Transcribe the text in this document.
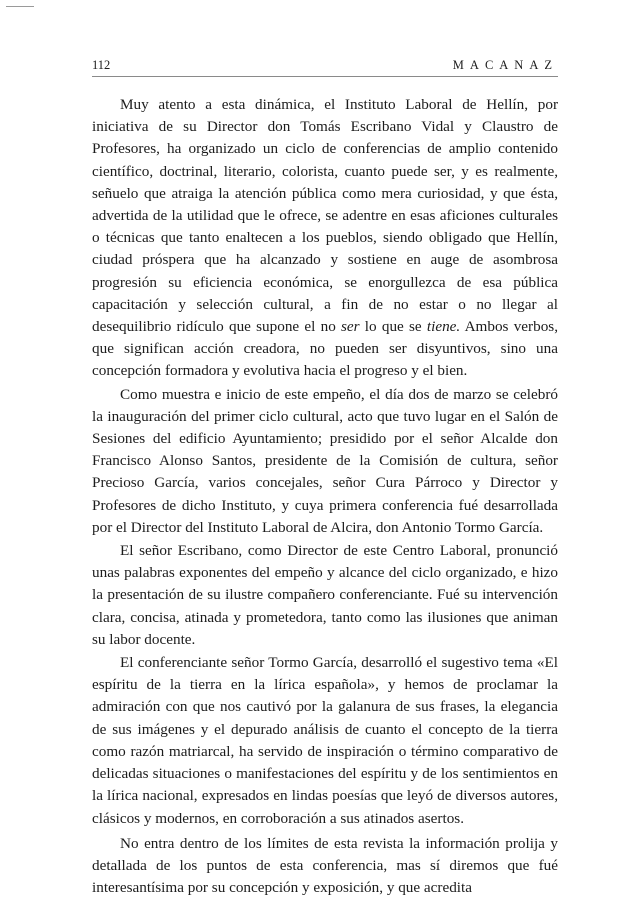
112	MACANAZ

Muy atento a esta dinámica, el Instituto Laboral de Hellín, por iniciativa de su Director don Tomás Escribano Vidal y Claustro de Profesores, ha organizado un ciclo de conferencias de amplio contenido científico, doctrinal, literario, colorista, cuanto puede ser, y es realmente, señuelo que atraiga la atención pública como mera curiosidad, y que ésta, advertida de la utilidad que le ofrece, se adentre en esas aficiones culturales o técnicas que tanto enaltecen a los pueblos, siendo obligado que Hellín, ciudad próspera que ha alcanzado y sostiene en auge de asombrosa progresión su eficiencia económica, se enorgullezca de esa pública capacitación y selección cultural, a fin de no estar o no llegar al desequilibrio ridículo que supone el no ser lo que se tiene. Ambos verbos, que significan acción creadora, no pueden ser disyuntivos, sino una concepción formadora y evolutiva hacia el progreso y el bien.

Como muestra e inicio de este empeño, el día dos de marzo se celebró la inauguración del primer ciclo cultural, acto que tuvo lugar en el Salón de Sesiones del edificio Ayuntamiento; presidido por el señor Alcalde don Francisco Alonso Santos, presidente de la Comisión de cultura, señor Precioso García, varios concejales, señor Cura Párroco y Director y Profesores de dicho Instituto, y cuya primera conferencia fué desarrollada por el Director del Instituto Laboral de Alcira, don Antonio Tormo García.

El señor Escribano, como Director de este Centro Laboral, pronunció unas palabras exponentes del empeño y alcance del ciclo organizado, e hizo la presentación de su ilustre compañero conferenciante. Fué su intervención clara, concisa, atinada y prometedora, tanto como las ilusiones que animan su labor docente.

El conferenciante señor Tormo García, desarrolló el sugestivo tema «El espíritu de la tierra en la lírica española», y hemos de proclamar la admiración con que nos cautivó por la galanura de sus frases, la elegancia de sus imágenes y el depurado análisis de cuanto el concepto de la tierra como razón matriarcal, ha servido de inspiración o término comparativo de delicadas situaciones o manifestaciones del espíritu y de los sentimientos en la lírica nacional, expresados en lindas poesías que leyó de diversos autores, clásicos y modernos, en corroboración a sus atinados asertos.

No entra dentro de los límites de esta revista la información prolija y detallada de los puntos de esta conferencia, mas sí diremos que fué interesantísima por su concepción y exposición, y que acredita
